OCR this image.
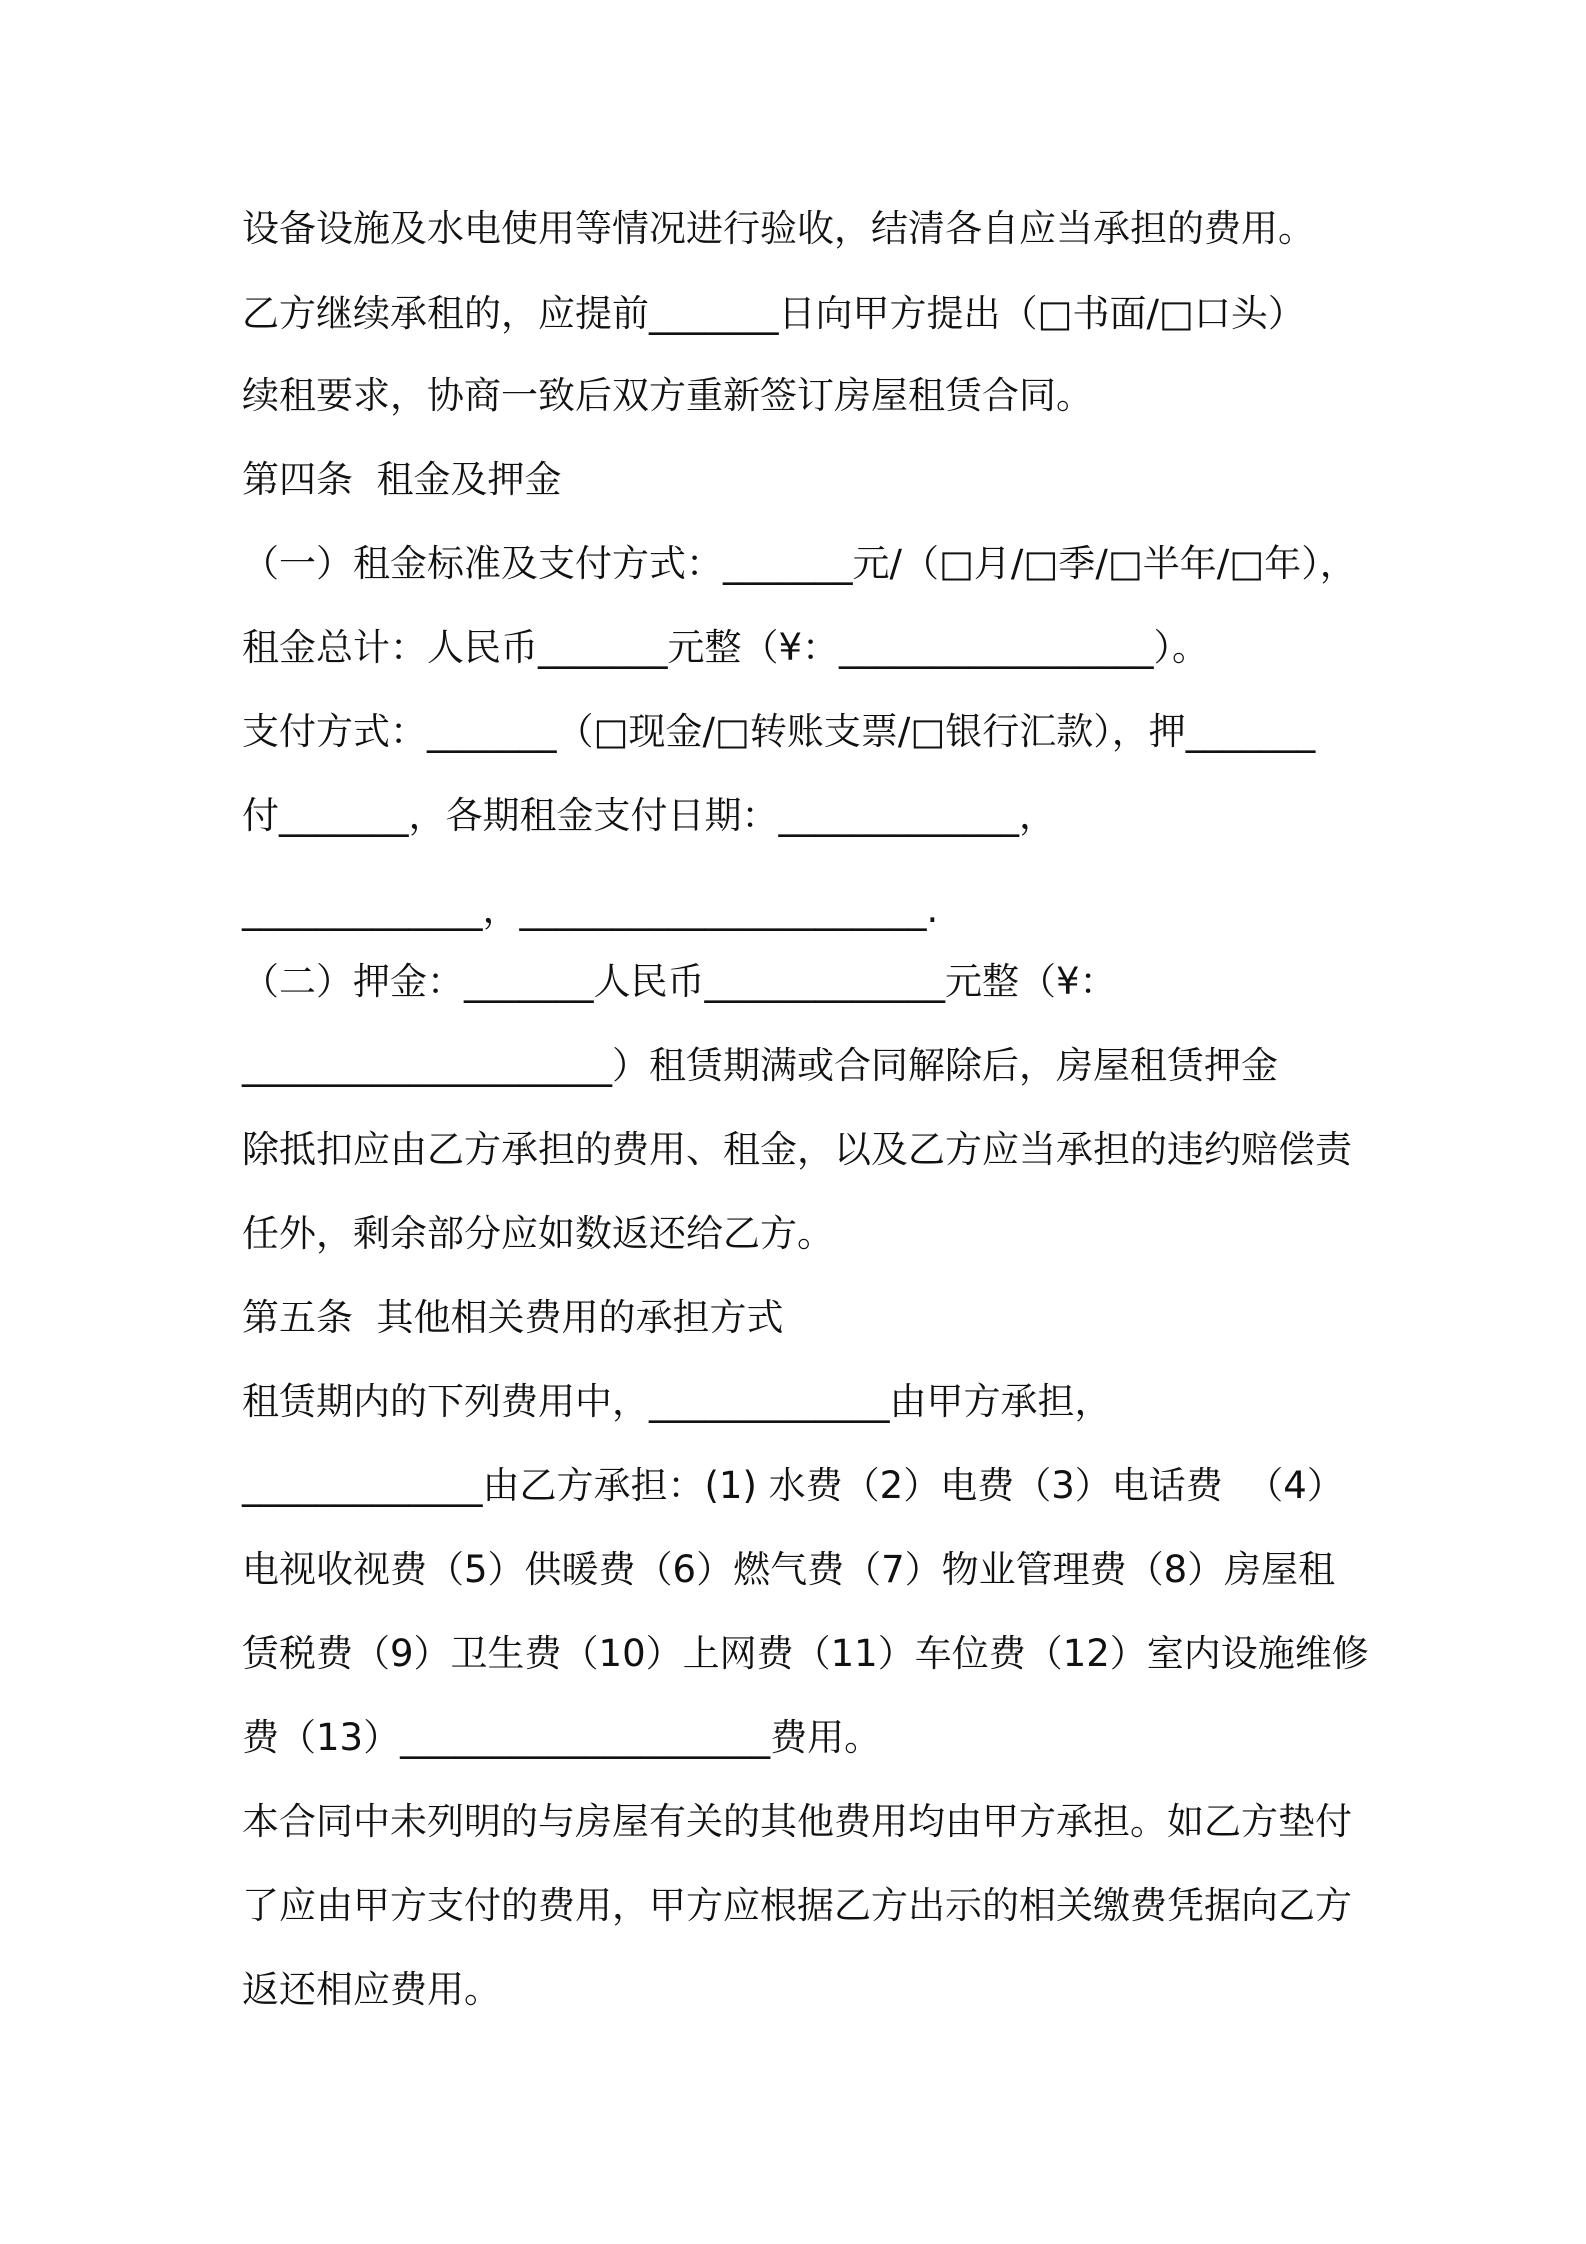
设备设施及水电使用等情况进行验收，结清各自应当承担的费用。

乙方继续承租的，应提前_______日向甲方提出（□书面/□口头）

续租要求，协商一致后双方重新签订房屋租赁合同。

第四条  租金及押金

（一）租金标准及支付方式：_______元/（□月/□季/□半年/□年），

租金总计：人民币_______元整（¥：_________________）。

支付方式：_______（□现金/□转账支票/□银行汇款），押_______

付_______，各期租金支付日期：_____________，

_____________，______________________.

（二）押金：_______人民币_____________元整（¥：

____________________）租赁期满或合同解除后，房屋租赁押金

除抵扣应由乙方承担的费用、租金，以及乙方应当承担的违约赔偿责

任外，剩余部分应如数返还给乙方。

第五条  其他相关费用的承担方式

租赁期内的下列费用中，_____________由甲方承担，

_____________由乙方承担：(1) 水费（2）电费（3）电话费  （4）

电视收视费（5）供暖费（6）燃气费（7）物业管理费（8）房屋租

赁税费（9）卫生费（10）上网费（11）车位费（12）室内设施维修

费（13）____________________费用。

本合同中未列明的与房屋有关的其他费用均由甲方承担。如乙方垫付

了应由甲方支付的费用，甲方应根据乙方出示的相关缴费凭据向乙方

返还相应费用。
